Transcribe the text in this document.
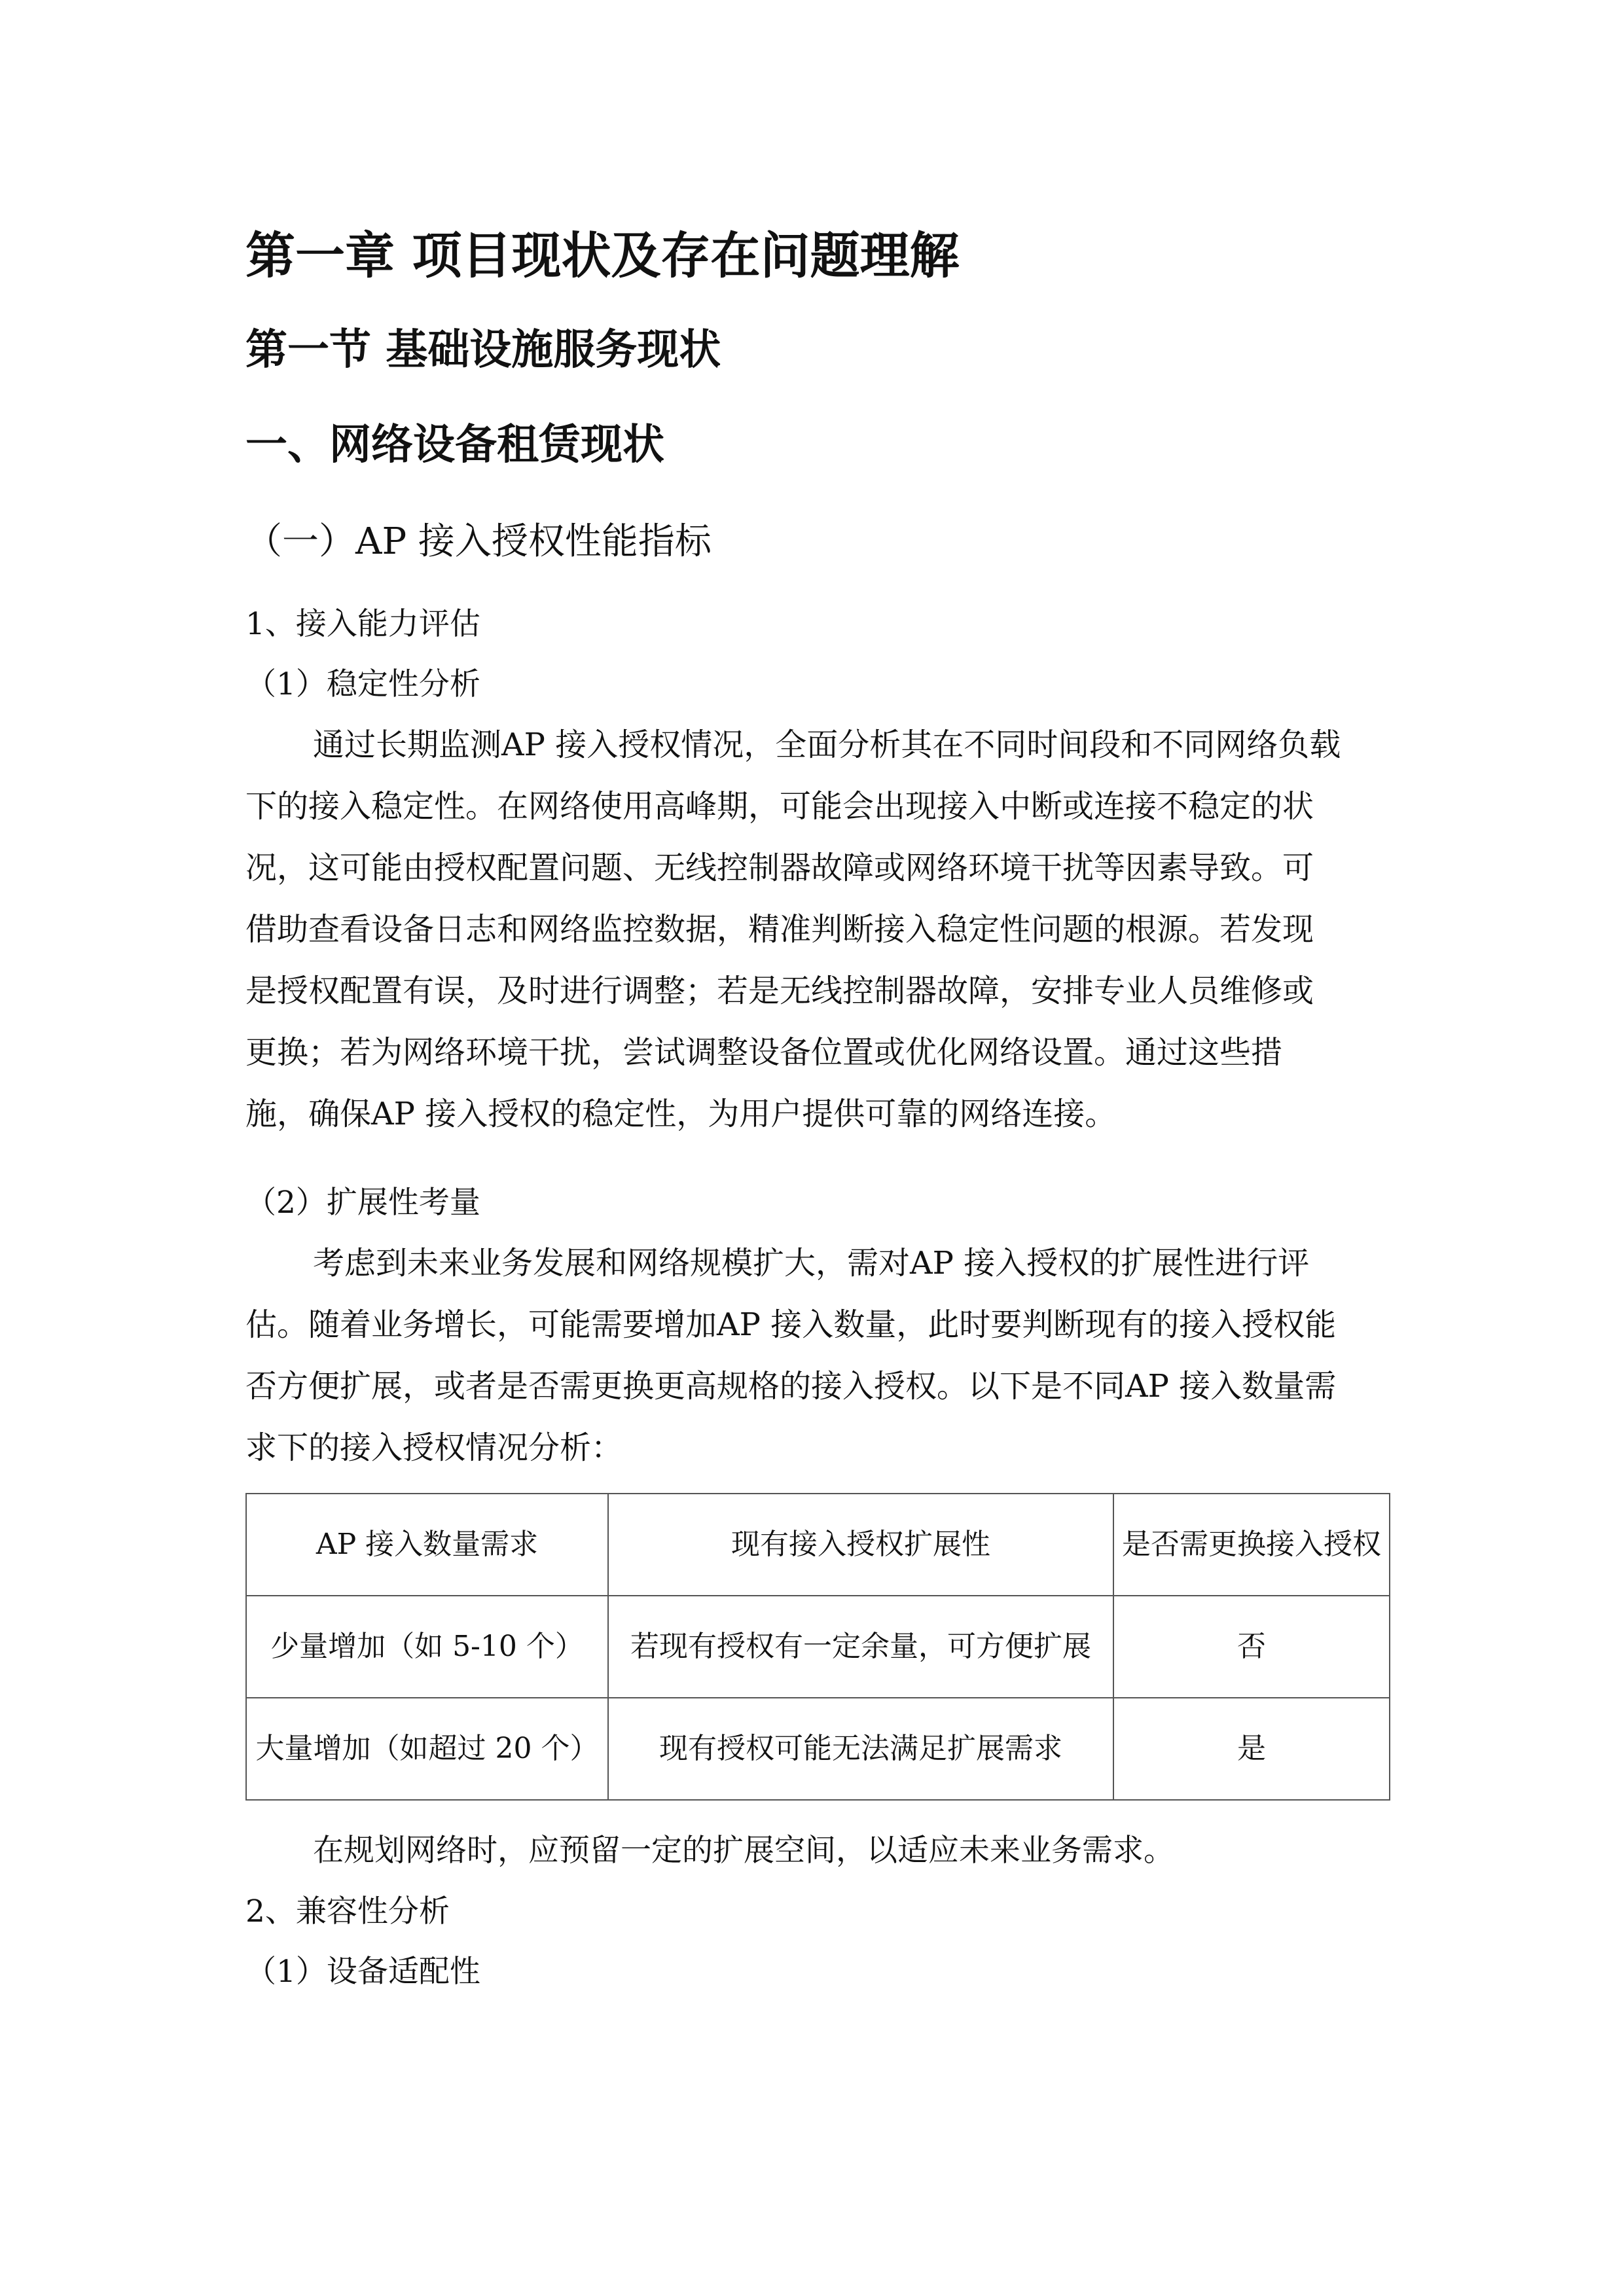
第一章 项目现状及存在问题理解
第一节 基础设施服务现状
一、网络设备租赁现状
（一）AP 接入授权性能指标
1、接入能力评估
（1）稳定性分析
通过长期监测AP 接入授权情况，全面分析其在不同时间段和不同网络负载
下的接入稳定性。在网络使用高峰期，可能会出现接入中断或连接不稳定的状
况，这可能由授权配置问题、无线控制器故障或网络环境干扰等因素导致。可
借助查看设备日志和网络监控数据，精准判断接入稳定性问题的根源。若发现
是授权配置有误，及时进行调整；若是无线控制器故障，安排专业人员维修或
更换；若为网络环境干扰，尝试调整设备位置或优化网络设置。通过这些措
施，确保AP 接入授权的稳定性，为用户提供可靠的网络连接。
（2）扩展性考量
考虑到未来业务发展和网络规模扩大，需对AP 接入授权的扩展性进行评
估。随着业务增长，可能需要增加AP 接入数量，此时要判断现有的接入授权能
否方便扩展，或者是否需更换更高规格的接入授权。以下是不同AP 接入数量需
求下的接入授权情况分析：
AP 接入数量需求	现有接入授权扩展性	是否需更换接入授权
少量增加（如 5-10 个）	若现有授权有一定余量，可方便扩展	否
大量增加（如超过 20 个）	现有授权可能无法满足扩展需求	是
在规划网络时，应预留一定的扩展空间，以适应未来业务需求。
2、兼容性分析
（1）设备适配性
